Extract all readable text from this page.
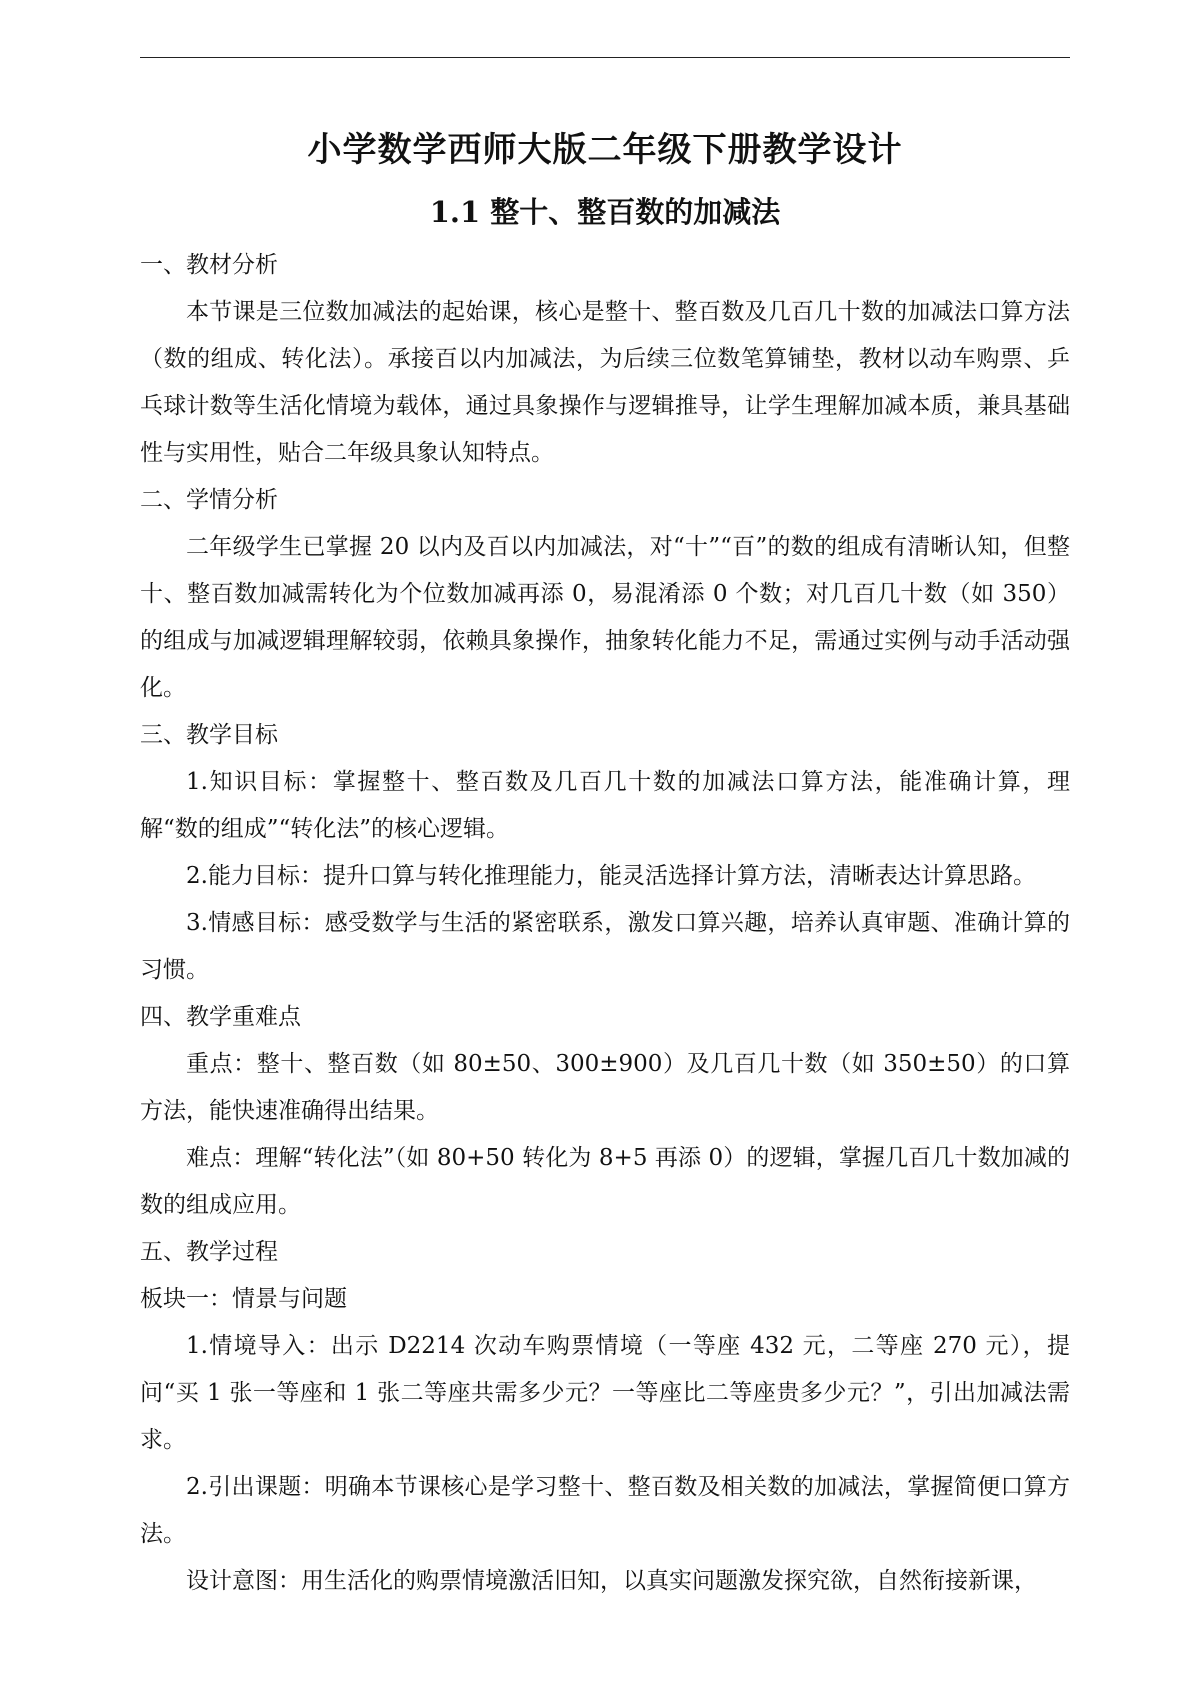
小学数学西师大版二年级下册教学设计
1.1 整十、整百数的加减法

一、教材分析

本节课是三位数加减法的起始课，核心是整十、整百数及几百几十数的加减法口算方法（数的组成、转化法）。承接百以内加减法，为后续三位数笔算铺垫，教材以动车购票、乒乓球计数等生活化情境为载体，通过具象操作与逻辑推导，让学生理解加减本质，兼具基础性与实用性，贴合二年级具象认知特点。

二、学情分析

二年级学生已掌握 20 以内及百以内加减法，对“十”“百”的数的组成有清晰认知，但整十、整百数加减需转化为个位数加减再添 0，易混淆添 0 个数；对几百几十数（如 350）的组成与加减逻辑理解较弱，依赖具象操作，抽象转化能力不足，需通过实例与动手活动强化。

三、教学目标

1.知识目标：掌握整十、整百数及几百几十数的加减法口算方法，能准确计算，理解“数的组成”“转化法”的核心逻辑。

2.能力目标：提升口算与转化推理能力，能灵活选择计算方法，清晰表达计算思路。

3.情感目标：感受数学与生活的紧密联系，激发口算兴趣，培养认真审题、准确计算的习惯。

四、教学重难点

重点：整十、整百数（如 80±50、300±900）及几百几十数（如 350±50）的口算方法，能快速准确得出结果。

难点：理解“转化法”（如 80+50 转化为 8+5 再添 0）的逻辑，掌握几百几十数加减的数的组成应用。

五、教学过程

板块一：情景与问题

1.情境导入：出示 D2214 次动车购票情境（一等座 432 元，二等座 270 元），提问“买 1 张一等座和 1 张二等座共需多少元？一等座比二等座贵多少元？”，引出加减法需求。

2.引出课题：明确本节课核心是学习整十、整百数及相关数的加减法，掌握简便口算方法。

设计意图：用生活化的购票情境激活旧知，以真实问题激发探究欲，自然衔接新课，
